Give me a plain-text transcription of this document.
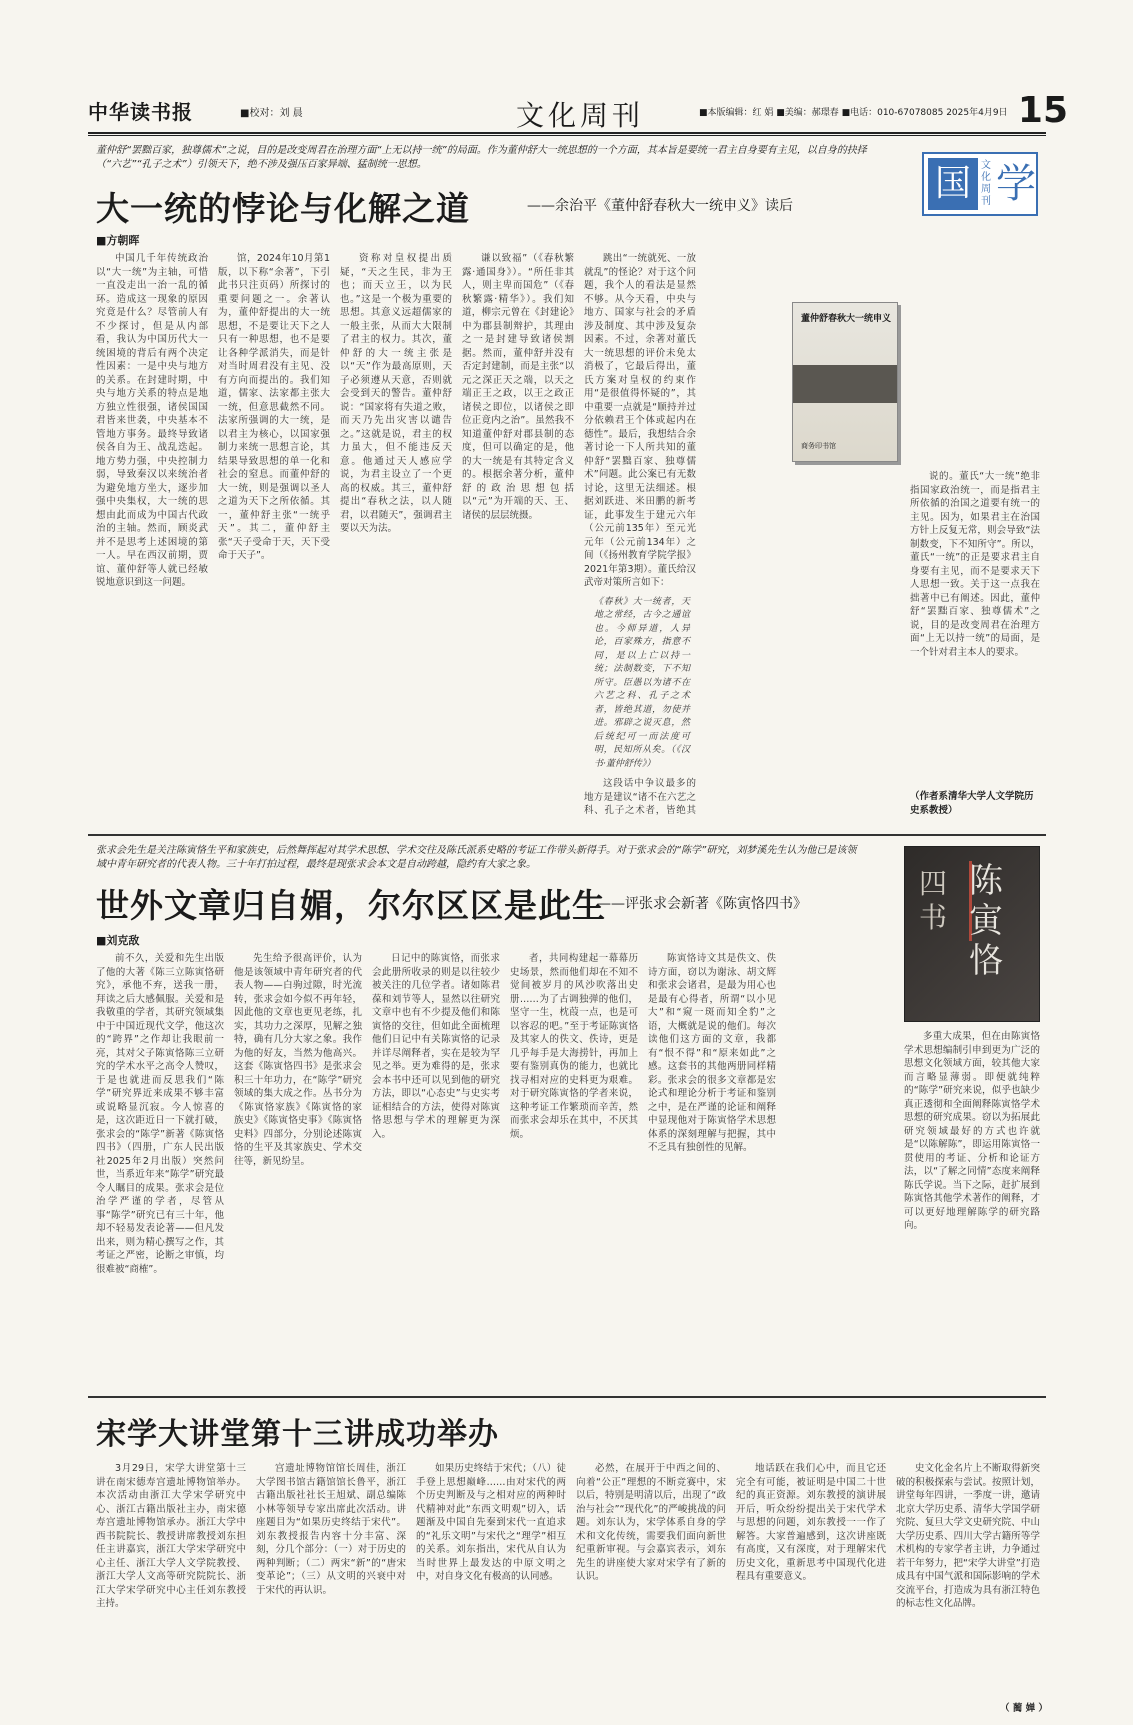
中华读书报	■校对：刘 晨	文化周刊	■本版编辑：红 娟 ■美编：郝璟春 ■电话：010-67078085 2025年4月9日 15
董仲舒“罢黜百家，独尊儒术”之说，目的是改变周君在治理方面“上无以持一统”的局面。作为董仲舒大一统思想的一个方面，其本旨是要统一君主自身要有主见，以自身的抉择（“六艺”“孔子之术”）引领天下，绝不涉及强压百家异端、猛制统一思想。
大一统的悖论与化解之道	——余治平《董仲舒春秋大一统申义》读后
■方朝晖
国	文化周刊 学

中国几千年传统政治以“大一统”为主轴，可惜一直没走出一治一乱的循环。造成这一现象的原因究竟是什么？尽管前人有不少探讨，但是从内部看，我认为中国历代大一统困境的背后有两个决定性因素：一是中央与地方的关系。在封建时期，中央与地方关系的特点是地方独立性很强，诸侯国国君皆来世袭，中央基本不管地方事务。最终导致诸侯各自为王、战乱迭起。地方势力强，中央控制力弱，导致秦汉以来统治者为避免地方坐大，逐步加强中央集权，大一统的思想由此而成为中国古代政治的主轴。然而，顾炎武并不是思考上述困境的第一人。早在西汉前期，贾谊、董仲舒等人就已经敏锐地意识到这一问题。

馆，2024年10月第1版，以下称“余著”，下引此书只注页码）所探讨的重要问题之一。余著认为，董仲舒提出的大一统思想，不是要让天下之人只有一种思想，也不是要让各种学派消失，而是针对当时周君没有主见、没有方向而提出的。我们知道，儒家、法家都主张大一统，但意思截然不同。法家所强调的大一统，是以君主为核心，以国家强制力来统一思想言论，其结果导致思想的单一化和社会的窒息。而董仲舒的大一统，则是强调以圣人之道为天下之所依循。其一，董仲舒主张“一统乎天”。其二，董仲舒主张“天子受命于天，天下受命于天子”。

资称对皇权提出质疑，“天之生民，非为王也；而天立王，以为民也。”这是一个极为重要的思想。其意义远超儒家的一般主张，从而大大限制了君主的权力。其次，董仲舒的大一统主张是以“天”作为最高原则，天子必须遵从天意，否则就会受到天的警告。董仲舒说：“国家将有失道之败，而天乃先出灾害以谴告之。”这就是说，君主的权力虽大，但不能违反天意。他通过天人感应学说，为君主设立了一个更高的权威。其三，董仲舒提出“春秋之法，以人随君，以君随天”，强调君主要以天为法。

谦以致福”（《春秋繁露·通国身》）。“所任非其人，则主卑而国危”（《春秋繁露·精华》）。我们知道，柳宗元曾在《封建论》中为郡县制辩护，其理由之一是封建导致诸侯割据。然而，董仲舒并没有否定封建制，而是主张“以元之深正天之端，以天之端正王之政，以王之政正诸侯之即位，以诸侯之即位正竟内之治”。虽然我不知道董仲舒对郡县制的态度，但可以确定的是，他的大一统是有其特定含义的。根据余著分析，董仲舒的政治思想包括以“元”为开端的天、王、诸侯的层层统摄。

跳出“一统就死、一放就乱”的怪论？对于这个问题，我个人的看法是显然不够。从今天看，中央与地方、国家与社会的矛盾涉及制度、其中涉及复杂因素。不过，余著对董氏大一统思想的评价未免太消极了，它最后得出，董氏方案对皇权的约束作用“是很值得怀疑的”，其中重要一点就是“顺持并过分依赖君王个体或起内在德性”。最后，我想结合余著讨论一下人所共知的董仲舒“罢黜百家、独尊儒术”问题。此公案已有无数讨论，这里无法细述。根据刘跃进、米田鹏的新考证，此事发生于建元六年（公元前135年）至元光元年（公元前134年）之间（《扬州教育学院学报》2021年第3期）。董氏给汉武帝对策所言如下：

《春秋》大一统者，天地之常经，古今之通谊也。今师异道，人异论，百家殊方，指意不同，是以上亡以持一统；法制数变，下不知所守。臣愚以为诸不在六艺之科、孔子之术者，皆绝其道，勿使并进。邪辟之说灭息，然后统纪可一而法度可明，民知所从矣。（《汉书·董仲舒传》）

这段话中争议最多的地方是建议“诸不在六艺之科、孔子之术者，皆绝其

董仲舒春秋大一统申义
商务印书馆

说的。董氏“大一统”绝非指国家政治统一，而是指君主所依循的治国之道要有统一的主见。因为，如果君主在治国方针上反复无常，则会导致“法制数变，下不知所守”。所以，董氏“一统”的正是要求君主自身要有主见，而不是要求天下人思想一致。关于这一点我在拙著中已有阐述。因此，董仲舒“罢黜百家、独尊儒术”之说，目的是改变周君在治理方面“上无以持一统”的局面，是一个针对君主本人的要求。

（作者系清华大学人文学院历史系教授）
张求会先生是关注陈寅恪生平和家族史，后然舞挥起对其学术思想、学术交往及陈氏派系史略的考证工作带头新得手。对于张求会的“陈学”研究，刘梦溪先生认为他已是该领域中青年研究者的代表人物。三十年打拍过程，最终是现张求会本文是自动跨越，隐约有大家之象。
世外文章归自媚，尔尔区区是此生
——评张求会新著《陈寅恪四书》
■刘克敌
四书
陈寅恪

前不久，关爱和先生出版了他的大著《陈三立陈寅恪研究》，承他不弃，送我一册，拜读之后大感佩服。关爱和是我敬重的学者，其研究领域集中于中国近现代文学，他这次的“跨界”之作却让我眼前一亮，其对父子陈寅恪陈三立研究的学术水平之高令人赞叹，于是也就进而反思我们“陈学”研究界近来成果不够丰富或说略显沉寂。今人惊喜的是，这次距近日一下就打破，张求会的“陈学”新著《陈寅恪四书》（四册，广东人民出版社2025年2月出版）突然问世，当系近年来“陈学”研究最令人瞩目的成果。张求会是位治学严谨的学者，尽管从事“陈学”研究已有三十年，他却不轻易发表论著——但凡发出来，则为精心撰写之作，其考证之严密，论断之审慎，均很难被“商榷”。

先生给予很高评价，认为他是该领域中青年研究者的代表人物——白驹过隙，时光流转，张求会如今似不再年轻，因此他的文章也更见老练，扎实，其功力之深厚，见解之独特，确有几分大家之象。我作为他的好友，当然为他高兴。这套《陈寅恪四书》是张求会积三十年功力，在“陈学”研究领域的集大成之作。丛书分为《陈寅恪家族》《陈寅恪的家族史》《陈寅恪史事》《陈寅恪史料》四部分，分别论述陈寅恪的生平及其家族史、学术交往等，新见纷呈。

日记中的陈寅恪，而张求会此册所收录的则是以往较少被关注的几位学者。诸如陈君葆和刘节等人，显然以往研究文章中也有不少提及他们和陈寅恪的交往，但如此全面梳理他们日记中有关陈寅恪的记录并详尽阐释者，实在是较为罕见之举。更为难得的是，张求会本书中还可以见到他的研究方法，即以“心态史”与史实考证相结合的方法，使得对陈寅恪思想与学术的理解更为深入。

者，共同构建起一幕幕历史场景，然而他们却在不知不觉间被岁月的风沙吹落出史册……为了古调独弹的他们，坚守一生，枕葭一点，也是可以容忍的吧。”至于考证陈寅恪及其家人的佚文、佚诗，更是几乎每手是大海捞针，再加上要有鉴别真伪的能力，也就比找寻相对应的史料更为艰难。对于研究陈寅恪的学者来说，这种考证工作繁琐而辛苦，然而张求会却乐在其中，不厌其烦。

陈寅恪诗文其是佚文、佚诗方面，窃以为谢泳、胡文辉和张求会诸君，是最为用心也是最有心得者，所谓“以小见大”和“窥一斑而知全豹”之语，大概就是说的他们。每次读他们这方面的文章，我都有“恨不得”和“原来如此”之感。这套书的其他两册同样精彩。张求会的很多文章都是宏论式和理论分析于考证和鉴别之中，是在严谨的论证和阐释中显现他对于陈寅恪学术思想体系的深刻理解与把握，其中不乏具有独创性的见解。

多重大成果，但在由陈寅恪学术思想编制引申到更为广泛的思想文化领域方面，较其他大家而言略显薄弱。即便就纯粹的“陈学”研究来说，似乎也缺少真正透彻和全面阐释陈寅恪学术思想的研究成果。窃以为拓展此研究领域最好的方式也许就是“以陈解陈”，即运用陈寅恪一贯使用的考证、分析和论证方法，以“了解之同情”态度来阐释陈氏学说。当下之际，赶扩展到陈寅恪其他学术著作的阐释，才可以更好地理解陈学的研究路向。

宋学大讲堂第十三讲成功举办

3月29日，宋学大讲堂第十三讲在南宋德寿宫遗址博物馆举办。本次活动由浙江大学宋学研究中心、浙江古籍出版社主办，南宋德寿宫遗址博物馆承办。浙江大学中西书院院长、教授讲席教授刘东担任主讲嘉宾，浙江大学宋学研究中心主任、浙江大学人文学院教授、浙江大学人文高等研究院院长、浙江大学宋学研究中心主任刘东教授主持。

宫遗址博物馆馆长周佳，浙江大学图书馆古籍馆馆长鲁平，浙江古籍出版社社长王旭斌、副总编陈小林等领导专家出席此次活动。讲座题目为“如果历史终结于宋代”。刘东教授报告内容十分丰富、深刻，分几个部分：（一）对于历史的两种判断；（二）两宋“新”的“唐宋变革论”；（三）从文明的兴衰中对于宋代的再认识。

如果历史终结于宋代；（八）徒手登上思想巅峰……由对宋代的两个历史判断及与之相对应的两种时代精神对此“东西文明观”切入，话题渐及中国自先秦到宋代一直追求的“礼乐文明”与宋代之“理学”相互的关系。刘东指出，宋代从自认为当时世界上最发达的中原文明之中，对自身文化有极高的认同感。

必然，在展开于中西之间的、向着“公正”理想的不断竞赛中，宋以后，特别是明清以后，出现了“政治与社会”“现代化”的严峻挑战的问题。刘东认为，宋学体系自身的学术和文化传统，需要我们面向新世纪重新审视。与会嘉宾表示，刘东先生的讲座使大家对宋学有了新的认识。

地话跃在我们心中，而且它还完全有可能，被证明是中国二十世纪的真正资源。刘东教授的演讲展开后，听众纷纷提出关于宋代学术与思想的问题，刘东教授一一作了解答。大家普遍感到，这次讲座既有高度，又有深度，对于理解宋代历史文化，重新思考中国现代化进程具有重要意义。

史文化金名片上不断取得新突破的积极探索与尝试。按照计划，讲堂每年四讲，一季度一讲，邀请北京大学历史系、清华大学国学研究院、复旦大学文史研究院、中山大学历史系、四川大学古籍所等学术机构的专家学者主讲，力争通过若干年努力，把“宋学大讲堂”打造成具有中国气派和国际影响的学术交流平台，打造成为具有浙江特色的标志性文化品牌。

（ 蔺 婵 ）
